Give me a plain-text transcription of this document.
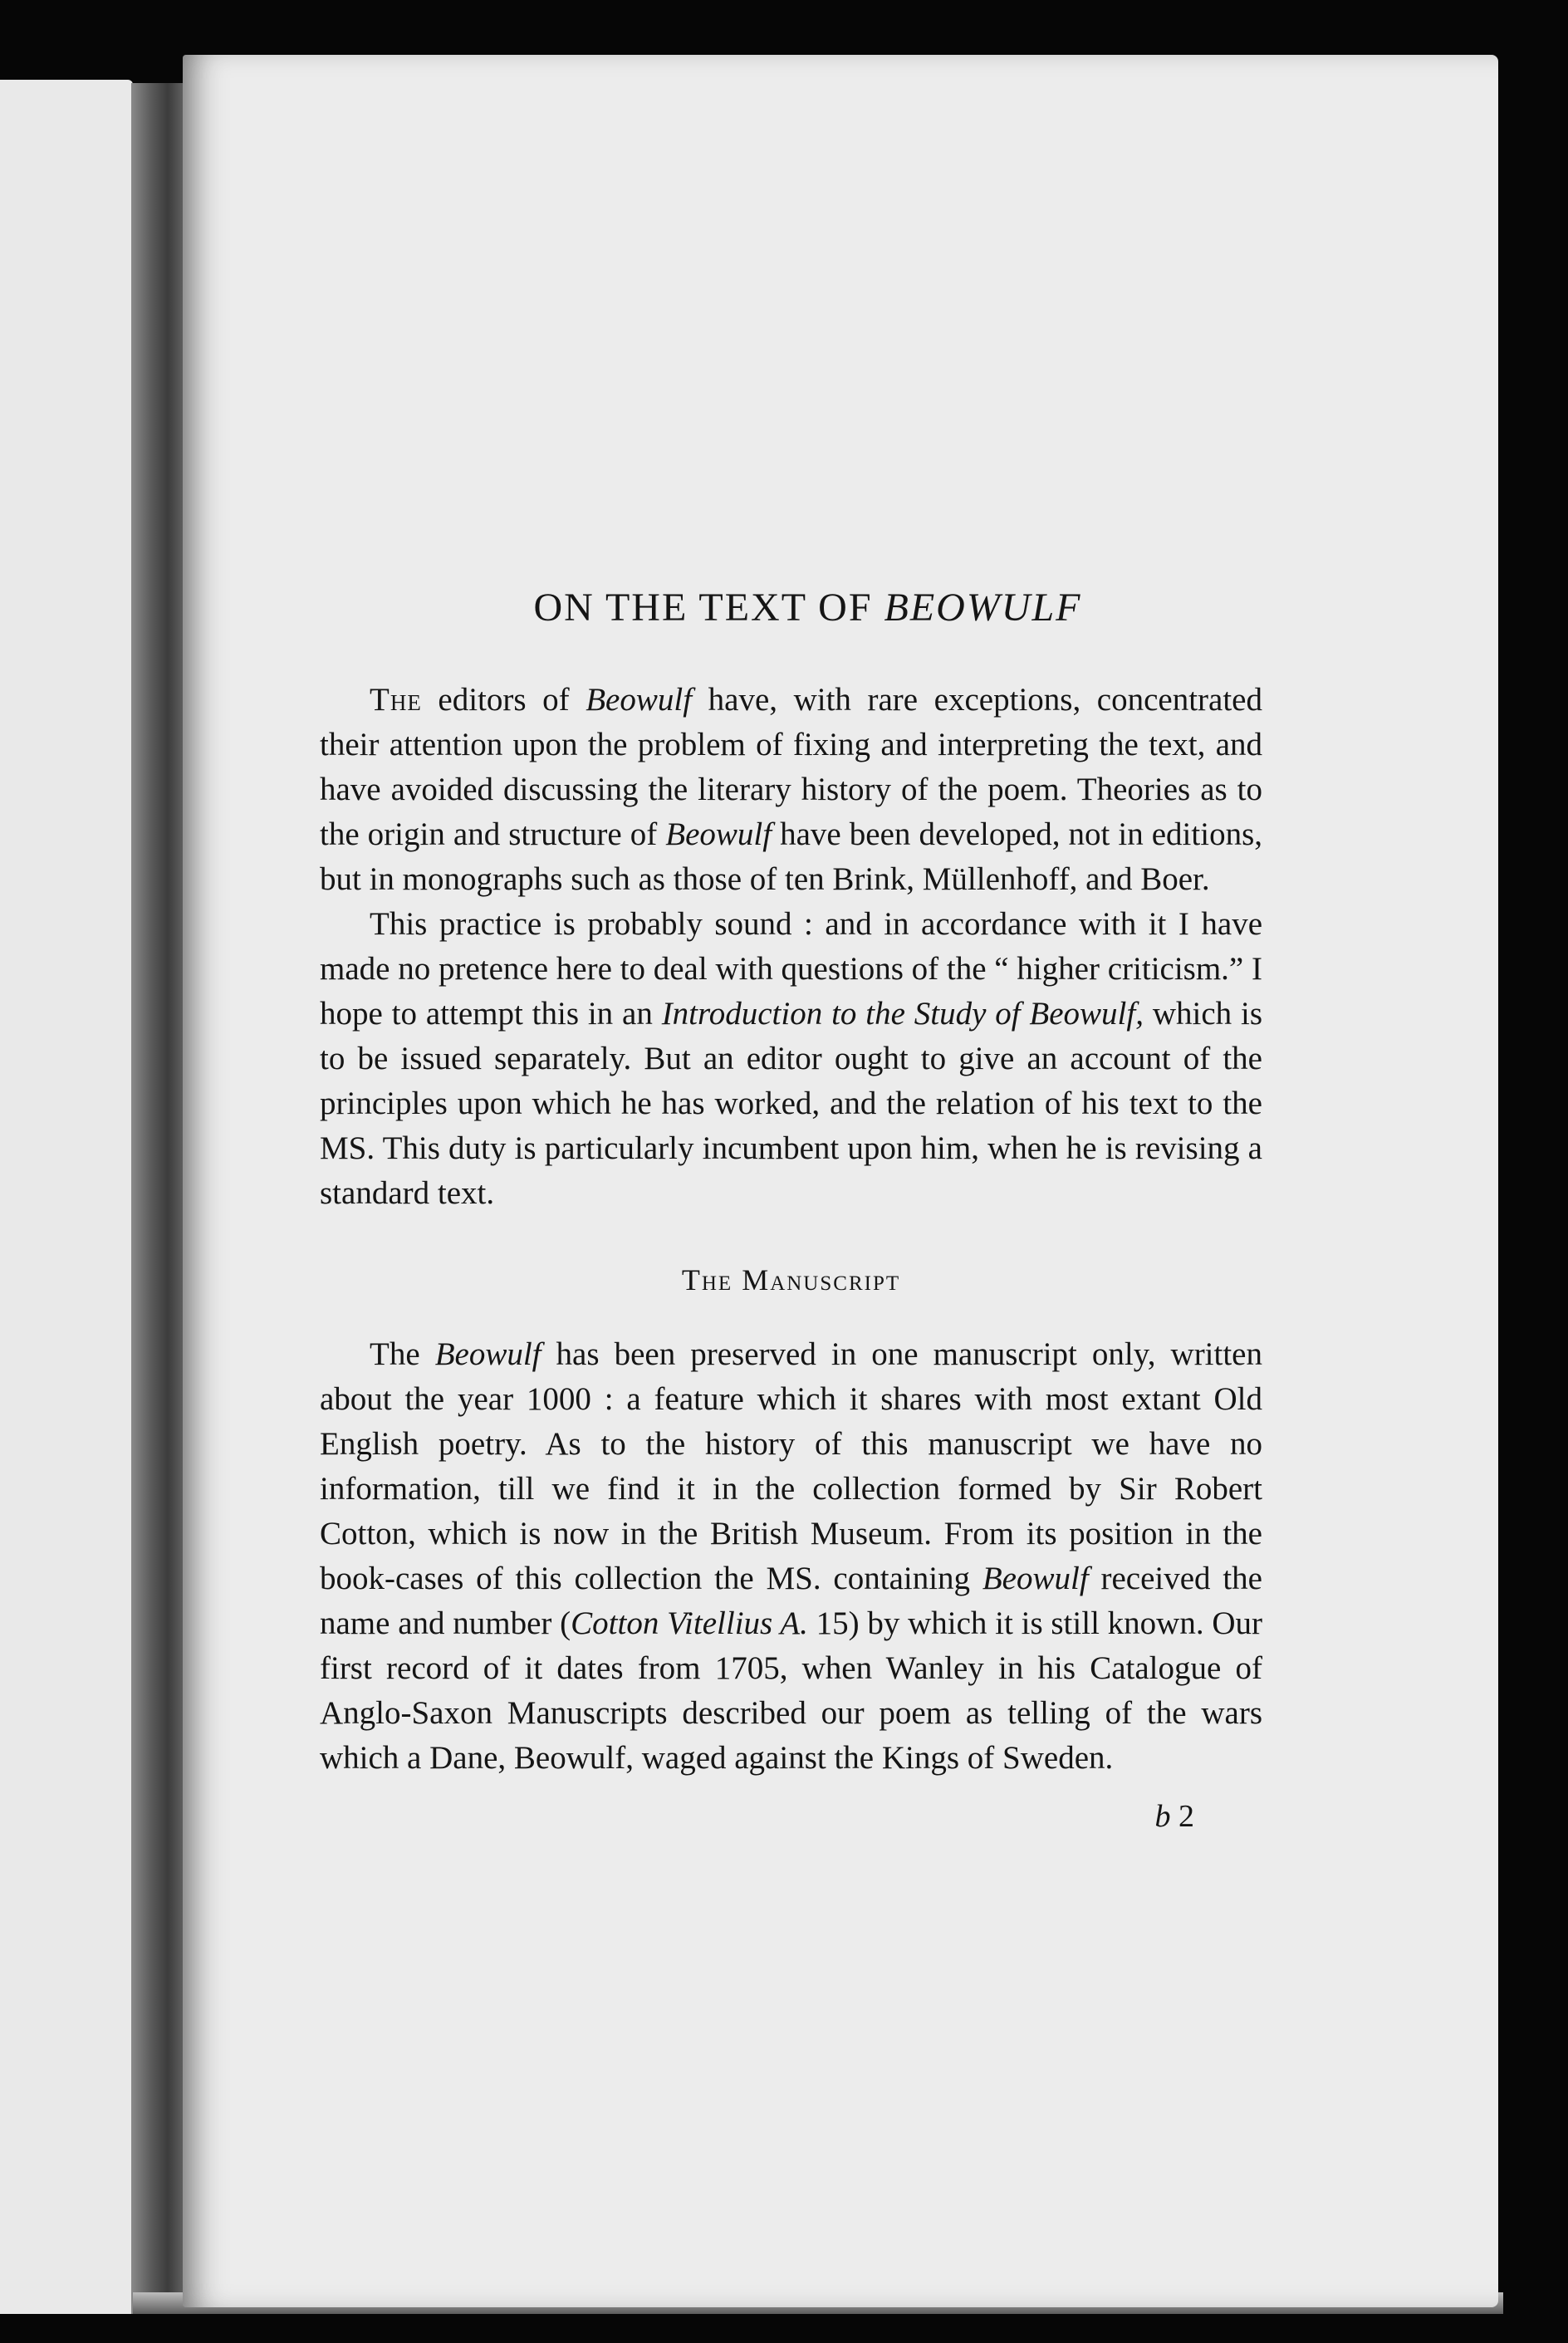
ON THE TEXT OF BEOWULF

The editors of Beowulf have, with rare exceptions, concentrated their attention upon the problem of fixing and interpreting the text, and have avoided discussing the literary history of the poem. Theories as to the origin and structure of Beowulf have been developed, not in editions, but in monographs such as those of ten Brink, Müllenhoff, and Boer.

This practice is probably sound : and in accordance with it I have made no pretence here to deal with questions of the “ higher criticism.” I hope to attempt this in an Introduction to the Study of Beowulf, which is to be issued separately. But an editor ought to give an account of the principles upon which he has worked, and the relation of his text to the MS. This duty is particularly incumbent upon him, when he is revising a standard text.

The Manuscript

The Beowulf has been preserved in one manuscript only, written about the year 1000 : a feature which it shares with most extant Old English poetry. As to the history of this manuscript we have no information, till we find it in the collection formed by Sir Robert Cotton, which is now in the British Museum. From its position in the book-cases of this collection the MS. containing Beowulf received the name and number (Cotton Vitellius A. 15) by which it is still known. Our first record of it dates from 1705, when Wanley in his Catalogue of Anglo-Saxon Manuscripts described our poem as telling of the wars which a Dane, Beowulf, waged against the Kings of Sweden.

b 2
